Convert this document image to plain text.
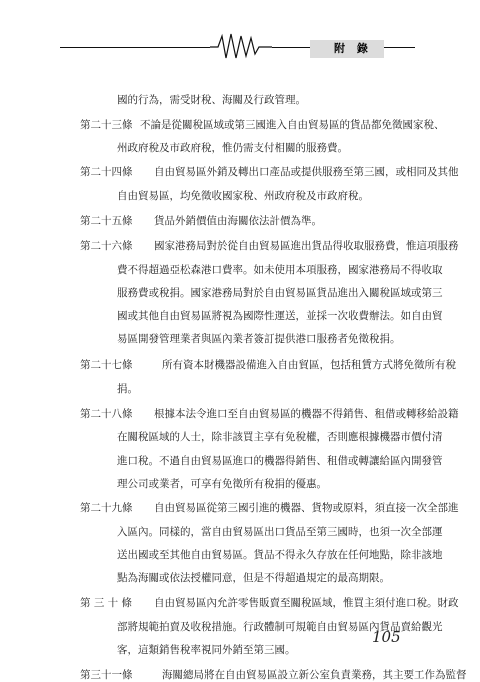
附 錄
國的行為，需受財稅、海關及行政管理。
第二十三條 不論是從關稅區域或第三國進入自由貿易區的貨品都免徵國家稅、
州政府稅及市政府稅，惟仍需支付相關的服務費。
第二十四條 自由貿易區外銷及轉出口產品或提供服務至第三國，或相同及其他
自由貿易區，均免徵收國家稅、州政府稅及市政府稅。
第二十五條 貨品外銷價值由海關依法計價為準。
第二十六條 國家港務局對於從自由貿易區進出貨品得收取服務費，惟這項服務
費不得超過亞松森港口費率。如未使用本項服務，國家港務局不得收取
服務費或稅捐。國家港務局對於自由貿易區貨品進出入關稅區域或第三
國或其他自由貿易區將視為國際性運送，並採一次收費辦法。如自由貿
易區開發管理業者與區內業者簽訂提供港口服務者免徵稅捐。
第二十七條	所有資本財機器設備進入自由貿區，包括租賃方式將免徵所有稅
捐。
第二十八條 根據本法令進口至自由貿易區的機器不得銷售、租借或轉移給設籍
在關稅區域的人士，除非該買主享有免稅權，否則應根據機器市價付清
進口稅。不過自由貿易區進口的機器得銷售、租借或轉讓給區內開發管
理公司或業者，可享有免徵所有稅捐的優惠。
第二十九條 自由貿易區從第三國引進的機器、貨物或原料，須直接一次全部進
入區內。同樣的，當自由貿易區出口貨品至第三國時，也須一次全部運
送出國或至其他自由貿易區。貨品不得永久存放在任何地點，除非該地
點為海關或依法授權同意，但是不得超過規定的最高期限。
第 三 十 條 自由貿易區內允許零售販賣至關稅區域，惟買主須付進口稅。財政
部將規範拍賣及收稅措施。行政體制可規範自由貿易區內貨品賣給觀光
客，這類銷售稅率視同外銷至第三國。
第三十一條	海關總局將在自由貿易區設立新公室負責業務，其主要工作為監督
105
